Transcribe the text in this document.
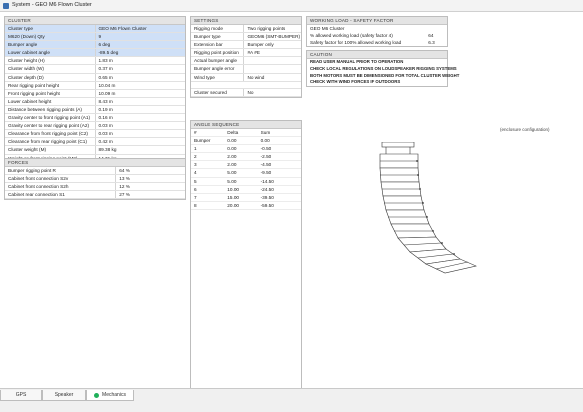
System - GEO M6 Flown Cluster
CLUSTER
Cluster type	GEO M6 Flown Cluster
M620 (Down) Qty	9
Bumper angle	6 deg
Lower cabinet angle	-89.5 deg
Cluster height (H)	1.83 m
Cluster width (W)	0.37 m
Cluster depth (D)	0.65 m
Rear rigging point height	10.04 m
Front rigging point height	10.09 m
Lower cabinet height	8.43 m
Distance between rigging points (A)	0.19 m
Gravity center to front rigging point (A1)	0.16 m
Gravity center to rear rigging point (A2)	0.03 m
Clearance from front rigging point (C2)	0.03 m
Clearance from rear rigging point (C1)	0.42 m
Cluster weight (M)	89.38 kg
FORCES
Bumper rigging point R	64 %
Cabinet front connection S2v	13 %
Cabinet front connection S2h	12 %
Cabinet rear connection S1	27 %
SETTINGS
Rigging mode	Two rigging points
Bumper type	GEOM6 (SMT-BUMPER)
Extension bar	Bumper only
Rigging point position	#A #E
Actual bumper angle
Bumper angle error
Wind type	No wind
Cluster secured	No
ANGLE SEQUENCE
#	Delta	Sum
Bumper	0.00	0.00
1	0.00	-0.50
2	2.00	-2.50
3	2.00	-4.50
4	5.00	-9.50
5	5.00	-14.50
6	10.00	-24.50
7	15.00	-39.50
8	20.00	-59.50
WORKING LOAD - SAFETY FACTOR
GEO M6 Cluster
% allowed working load (safety factor 4)	64
Safety factor for 100% allowed working load	6.3
CAUTION
READ USER MANUAL PRIOR TO OPERATION
CHECK LOCAL REGULATIONS ON LOUDSPEAKER RIGGING SYSTEMS
BOTH MOTORS MUST BE DIMENSIONED FOR TOTAL CLUSTER WEIGHT
CHECK WITH WIND FORCES IF OUTDOORS
(enclosure configuration)
GPS	Speaker	Mechanics
